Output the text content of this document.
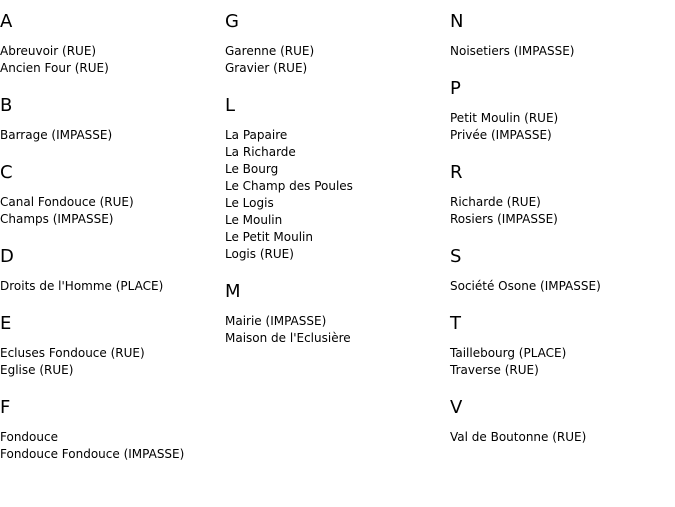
A
Abreuvoir (RUE)
Ancien Four (RUE)
B
Barrage (IMPASSE)
C
Canal Fondouce (RUE)
Champs (IMPASSE)
D
Droits de l'Homme (PLACE)
E
Ecluses Fondouce (RUE)
Eglise (RUE)
F
Fondouce
Fondouce Fondouce (IMPASSE)
G
Garenne (RUE)
Gravier (RUE)
L
La Papaire
La Richarde
Le Bourg
Le Champ des Poules
Le Logis
Le Moulin
Le Petit Moulin
Logis (RUE)
M
Mairie (IMPASSE)
Maison de l'Eclusière
N
Noisetiers (IMPASSE)
P
Petit Moulin (RUE)
Privée (IMPASSE)
R
Richarde (RUE)
Rosiers (IMPASSE)
S
Société Osone (IMPASSE)
T
Taillebourg (PLACE)
Traverse (RUE)
V
Val de Boutonne (RUE)
